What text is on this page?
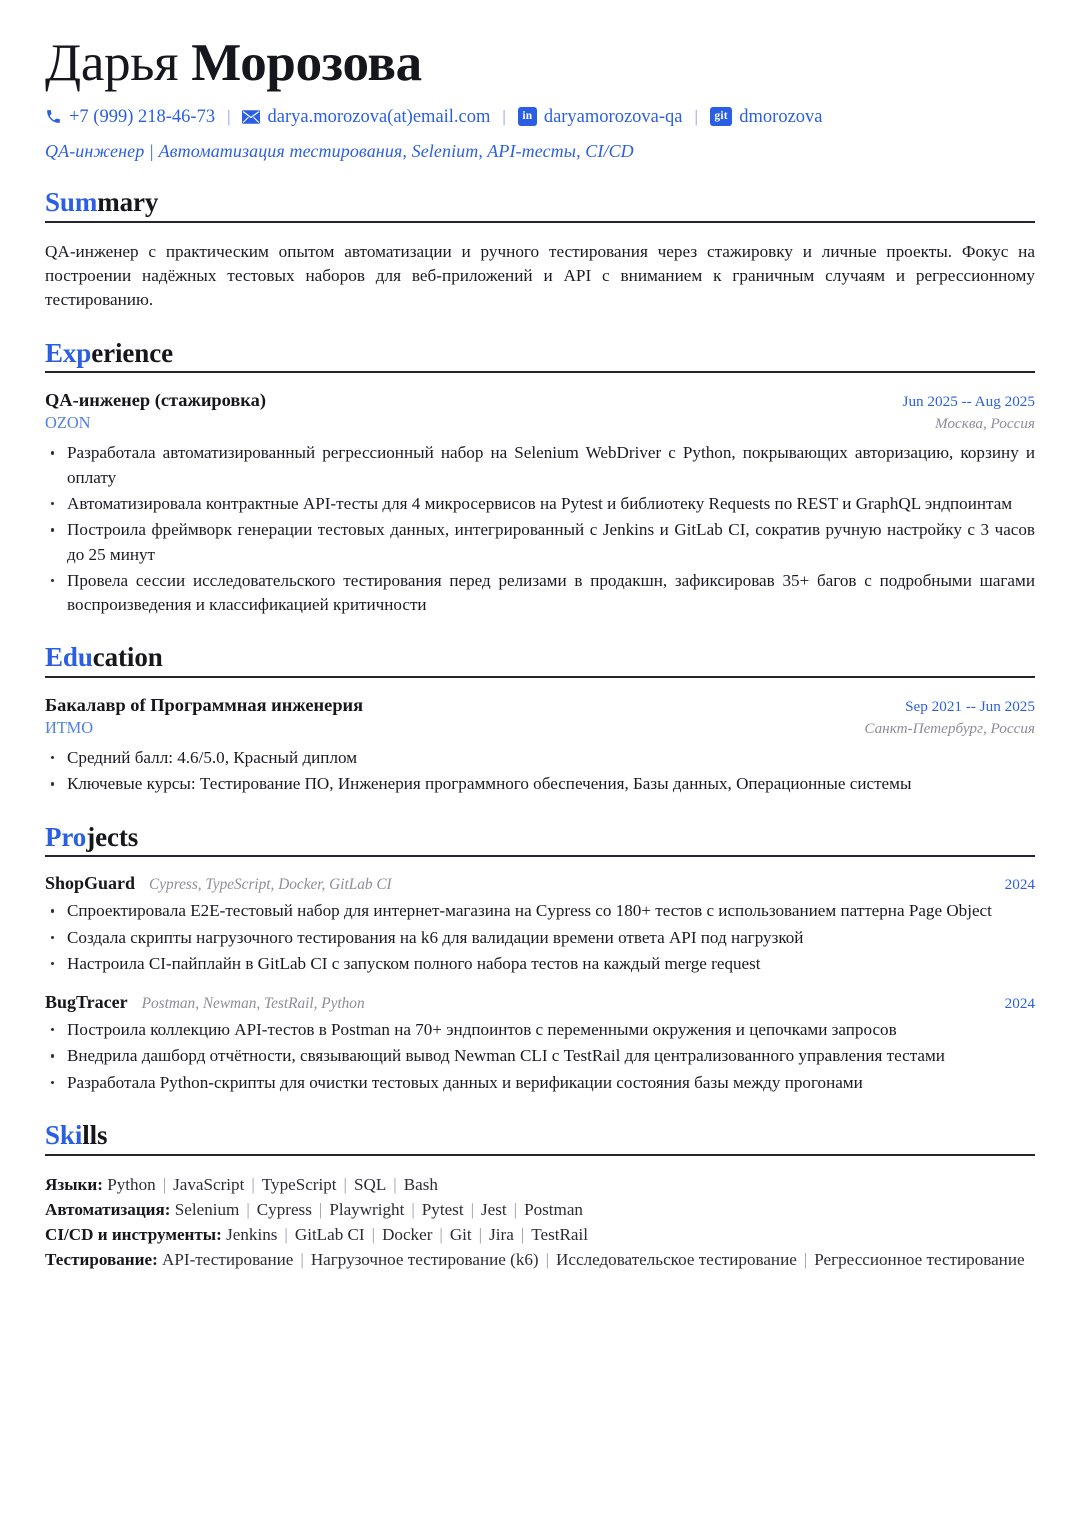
Дарья Морозова
+7 (999) 218-46-73 |	darya.morozova(at)email.com |	in daryamorozova-qa |	git dmorozova
QA-инженер | Автоматизация тестирования, Selenium, API-тесты, CI/CD
Summary

QA-инженер с практическим опытом автоматизации и ручного тестирования через стажировку и личные проекты. Фокус на построении надёжных тестовых наборов для веб-приложений и API с вниманием к граничным случаям и регрессионному тестированию.

Experience
QA-инженер (стажировка)	Jun 2025 -- Aug 2025
OZON	Москва, Россия
Разработала автоматизированный регрессионный набор на Selenium WebDriver с Python, покрывающих авторизацию, корзину и оплату
Автоматизировала контрактные API-тесты для 4 микросервисов на Pytest и библиотеку Requests по REST и GraphQL эндпоинтам
Построила фреймворк генерации тестовых данных, интегрированный с Jenkins и GitLab CI, сократив ручную настройку с 3 часов до 25 минут
Провела сессии исследовательского тестирования перед релизами в продакшн, зафиксировав 35+ багов с подробными шагами воспроизведения и классификацией критичности
Education
Бакалавр of Программная инженерия	Sep 2021 -- Jun 2025
ИТМО	Санкт-Петербург, Россия
Средний балл: 4.6/5.0, Красный диплом
Ключевые курсы: Тестирование ПО, Инженерия программного обеспечения, Базы данных, Операционные системы
Projects
ShopGuard Cypress, TypeScript, Docker, GitLab CI	2024
Спроектировала E2E-тестовый набор для интернет-магазина на Cypress со 180+ тестов с использованием паттерна Page Object
Создала скрипты нагрузочного тестирования на k6 для валидации времени ответа API под нагрузкой
Настроила CI-пайплайн в GitLab CI с запуском полного набора тестов на каждый merge request
BugTracer Postman, Newman, TestRail, Python	2024
Построила коллекцию API-тестов в Postman на 70+ эндпоинтов с переменными окружения и цепочками запросов
Внедрила дашборд отчётности, связывающий вывод Newman CLI с TestRail для централизованного управления тестами
Разработала Python-скрипты для очистки тестовых данных и верификации состояния базы между прогонами
Skills
Языки: Python | JavaScript | TypeScript | SQL | Bash
Автоматизация: Selenium | Cypress | Playwright | Pytest | Jest | Postman
CI/CD и инструменты: Jenkins | GitLab CI | Docker | Git | Jira | TestRail
Тестирование: API-тестирование | Нагрузочное тестирование (k6) | Исследовательское тестирование | Регрессионное тестирование
